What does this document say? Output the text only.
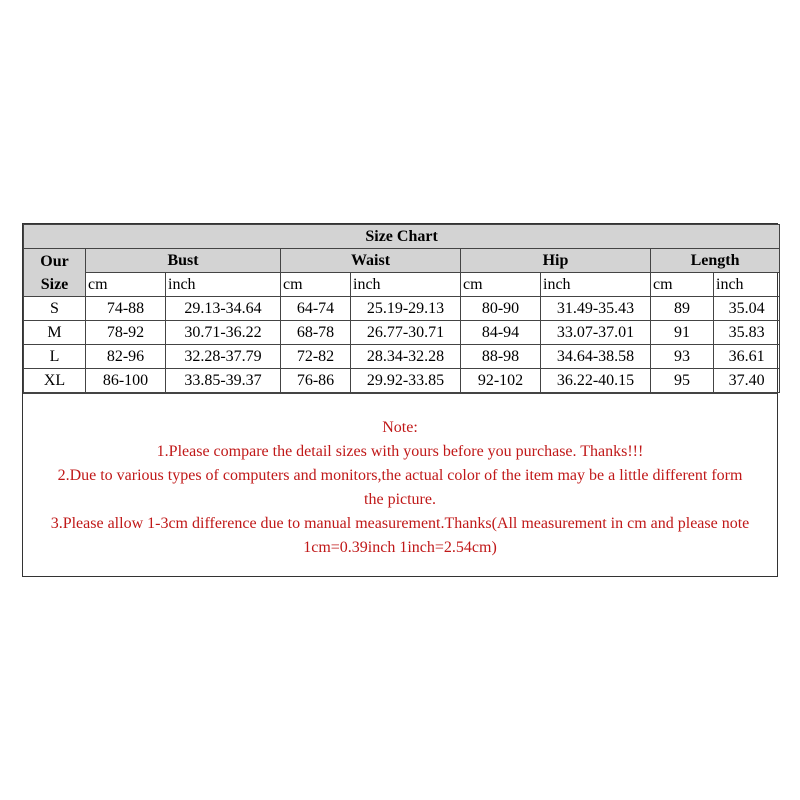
Size Chart								
Our
Size	Bust		Waist		Hip		Length	
	cm	inch	cm	inch	cm	inch	cm	inch
S	74-88	29.13-34.64	64-74	25.19-29.13	80-90	31.49-35.43	89	35.04
M	78-92	30.71-36.22	68-78	26.77-30.71	84-94	33.07-37.01	91	35.83
L	82-96	32.28-37.79	72-82	28.34-32.28	88-98	34.64-38.58	93	36.61
XL	86-100	33.85-39.37	76-86	29.92-33.85	92-102	36.22-40.15	95	37.40
Note:
1.Please compare the detail sizes with yours before you purchase. Thanks!!!
2.Due to various types of computers and monitors,the actual color of the item may be a little different form the picture.
3.Please allow 1-3cm difference due to manual measurement.Thanks(All measurement in cm and please note 1cm=0.39inch 1inch=2.54cm)
